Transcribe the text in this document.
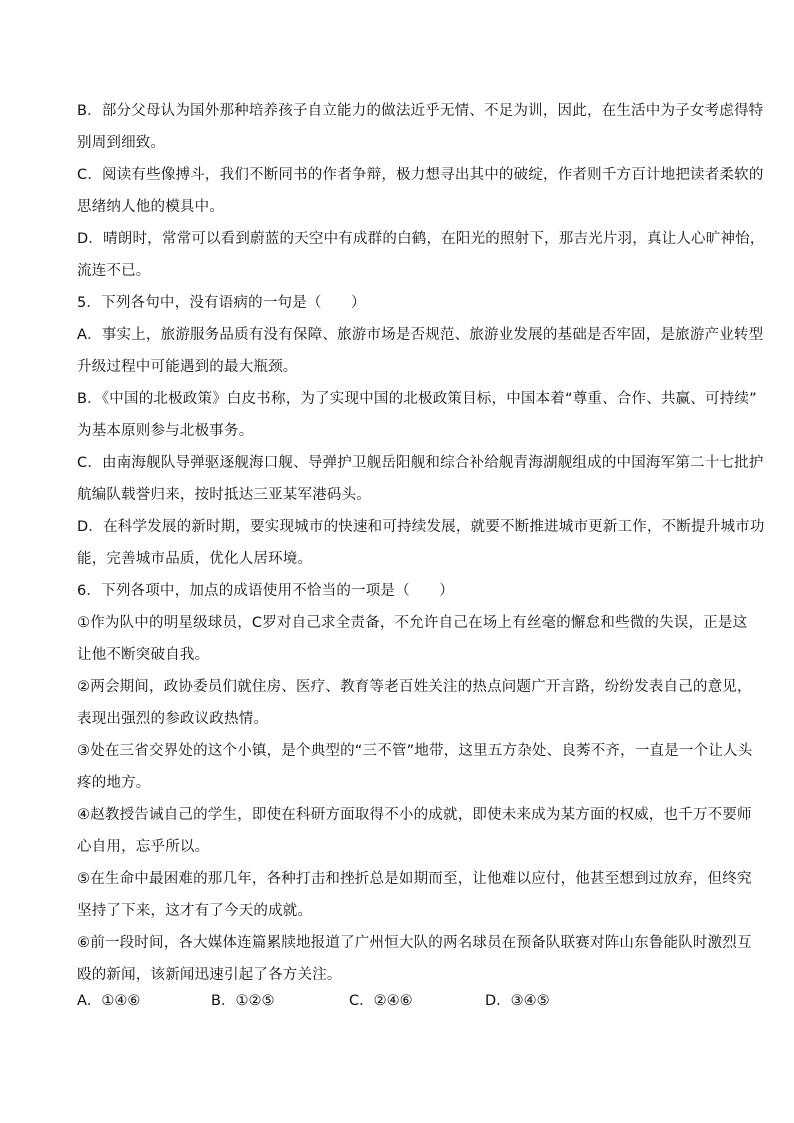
B．部分父母认为国外那种培养孩子自立能力的做法近乎无情、不足为训，因此，在生活中为子女考虑得特
别周到细致。
C．阅读有些像搏斗，我们不断同书的作者争辩，极力想寻出其中的破绽，作者则千方百计地把读者柔软的
思绪纳人他的模具中。
D．晴朗时，常常可以看到蔚蓝的天空中有成群的白鹤，在阳光的照射下，那吉光片羽，真让人心旷神怡，
流连不已。
5．下列各句中，没有语病的一句是（　　）
A．事实上，旅游服务品质有没有保障、旅游市场是否规范、旅游业发展的基础是否牢固，是旅游产业转型
升级过程中可能遇到的最大瓶颈。
B．《中国的北极政策》白皮书称，为了实现中国的北极政策目标，中国本着“尊重、合作、共赢、可持续”
为基本原则参与北极事务。
C．由南海舰队导弹驱逐舰海口舰、导弹护卫舰岳阳舰和综合补给舰青海湖舰组成的中国海军第二十七批护
航编队载誉归来，按时抵达三亚某军港码头。
D．在科学发展的新时期，要实现城市的快速和可持续发展，就要不断推进城市更新工作，不断提升城市功
能，完善城市品质，优化人居环境。
6．下列各项中，加点的成语使用不恰当的一项是（　　）
①作为队中的明星级球员，C罗对自己求全责备，不允许自己在场上有丝毫的懈怠和些微的失误，正是这
让他不断突破自我。
②两会期间，政协委员们就住房、医疗、教育等老百姓关注的热点问题广开言路，纷纷发表自己的意见，
表现出强烈的参政议政热情。
③处在三省交界处的这个小镇，是个典型的“三不管”地带，这里五方杂处、良莠不齐，一直是一个让人头
疼的地方。
④赵教授告诫自己的学生，即使在科研方面取得不小的成就，即使未来成为某方面的权威，也千万不要师
心自用，忘乎所以。
⑤在生命中最困难的那几年，各种打击和挫折总是如期而至，让他难以应付，他甚至想到过放弃，但终究
坚持了下来，这才有了今天的成就。
⑥前一段时间，各大媒体连篇累牍地报道了广州恒大队的两名球员在预备队联赛对阵山东鲁能队时激烈互
殴的新闻，该新闻迅速引起了各方关注。
A．①④⑥	B．①②⑤	C．②④⑥	D．③④⑤
